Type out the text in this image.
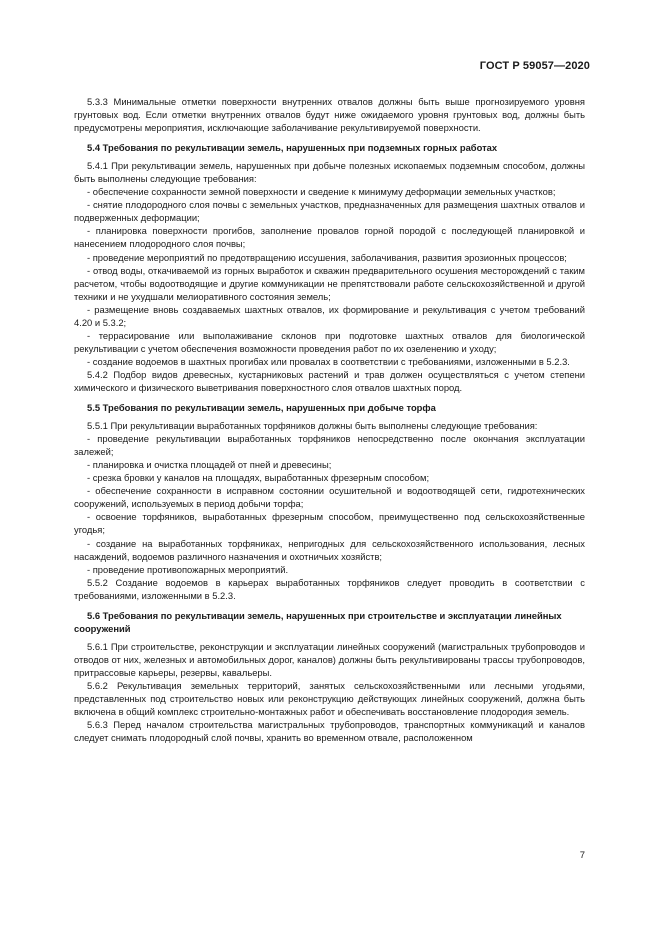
ГОСТ Р 59057—2020

5.3.3 Минимальные отметки поверхности внутренних отвалов должны быть выше прогнозируемого уровня грунтовых вод. Если отметки внутренних отвалов будут ниже ожидаемого уровня грунтовых вод, должны быть предусмотрены мероприятия, исключающие заболачивание рекультивируемой поверхности.

5.4 Требования по рекультивации земель, нарушенных при подземных горных работах

5.4.1 При рекультивации земель, нарушенных при добыче полезных ископаемых подземным способом, должны быть выполнены следующие требования:

- обеспечение сохранности земной поверхности и сведение к минимуму деформации земельных участков;

- снятие плодородного слоя почвы с земельных участков, предназначенных для размещения шахтных отвалов и подверженных деформации;

- планировка поверхности прогибов, заполнение провалов горной породой с последующей планировкой и нанесением плодородного слоя почвы;

- проведение мероприятий по предотвращению иссушения, заболачивания, развития эрозионных процессов;

- отвод воды, откачиваемой из горных выработок и скважин предварительного осушения месторождений с таким расчетом, чтобы водоотводящие и другие коммуникации не препятствовали работе сельскохозяйственной и другой техники и не ухудшали мелиоративного состояния земель;

- размещение вновь создаваемых шахтных отвалов, их формирование и рекультивация с учетом требований 4.20 и 5.3.2;

- террасирование или выполаживание склонов при подготовке шахтных отвалов для биологической рекультивации с учетом обеспечения возможности проведения работ по их озеленению и уходу;

- создание водоемов в шахтных прогибах или провалах в соответствии с требованиями, изложенными в 5.2.3.

5.4.2 Подбор видов древесных, кустарниковых растений и трав должен осуществляться с учетом степени химического и физического выветривания поверхностного слоя отвалов шахтных пород.

5.5 Требования по рекультивации земель, нарушенных при добыче торфа

5.5.1 При рекультивации выработанных торфяников должны быть выполнены следующие требования:

- проведение рекультивации выработанных торфяников непосредственно после окончания эксплуатации залежей;

- планировка и очистка площадей от пней и древесины;

- срезка бровки у каналов на площадях, выработанных фрезерным способом;

- обеспечение сохранности в исправном состоянии осушительной и водоотводящей сети, гидротехнических сооружений, используемых в период добычи торфа;

- освоение торфяников, выработанных фрезерным способом, преимущественно под сельскохозяйственные угодья;

- создание на выработанных торфяниках, непригодных для сельскохозяйственного использования, лесных насаждений, водоемов различного назначения и охотничьих хозяйств;

- проведение противопожарных мероприятий.

5.5.2 Создание водоемов в карьерах выработанных торфяников следует проводить в соответствии с требованиями, изложенными в 5.2.3.

5.6 Требования по рекультивации земель, нарушенных при строительстве и эксплуатации линейных сооружений

5.6.1 При строительстве, реконструкции и эксплуатации линейных сооружений (магистральных трубопроводов и отводов от них, железных и автомобильных дорог, каналов) должны быть рекультивированы трассы трубопроводов, притрассовые карьеры, резервы, кавальеры.

5.6.2 Рекультивация земельных территорий, занятых сельскохозяйственными или лесными угодьями, представленных под строительство новых или реконструкцию действующих линейных сооружений, должна быть включена в общий комплекс строительно-монтажных работ и обеспечивать восстановление плодородия земель.

5.6.3 Перед началом строительства магистральных трубопроводов, транспортных коммуникаций и каналов следует снимать плодородный слой почвы, хранить во временном отвале, расположенном

7
